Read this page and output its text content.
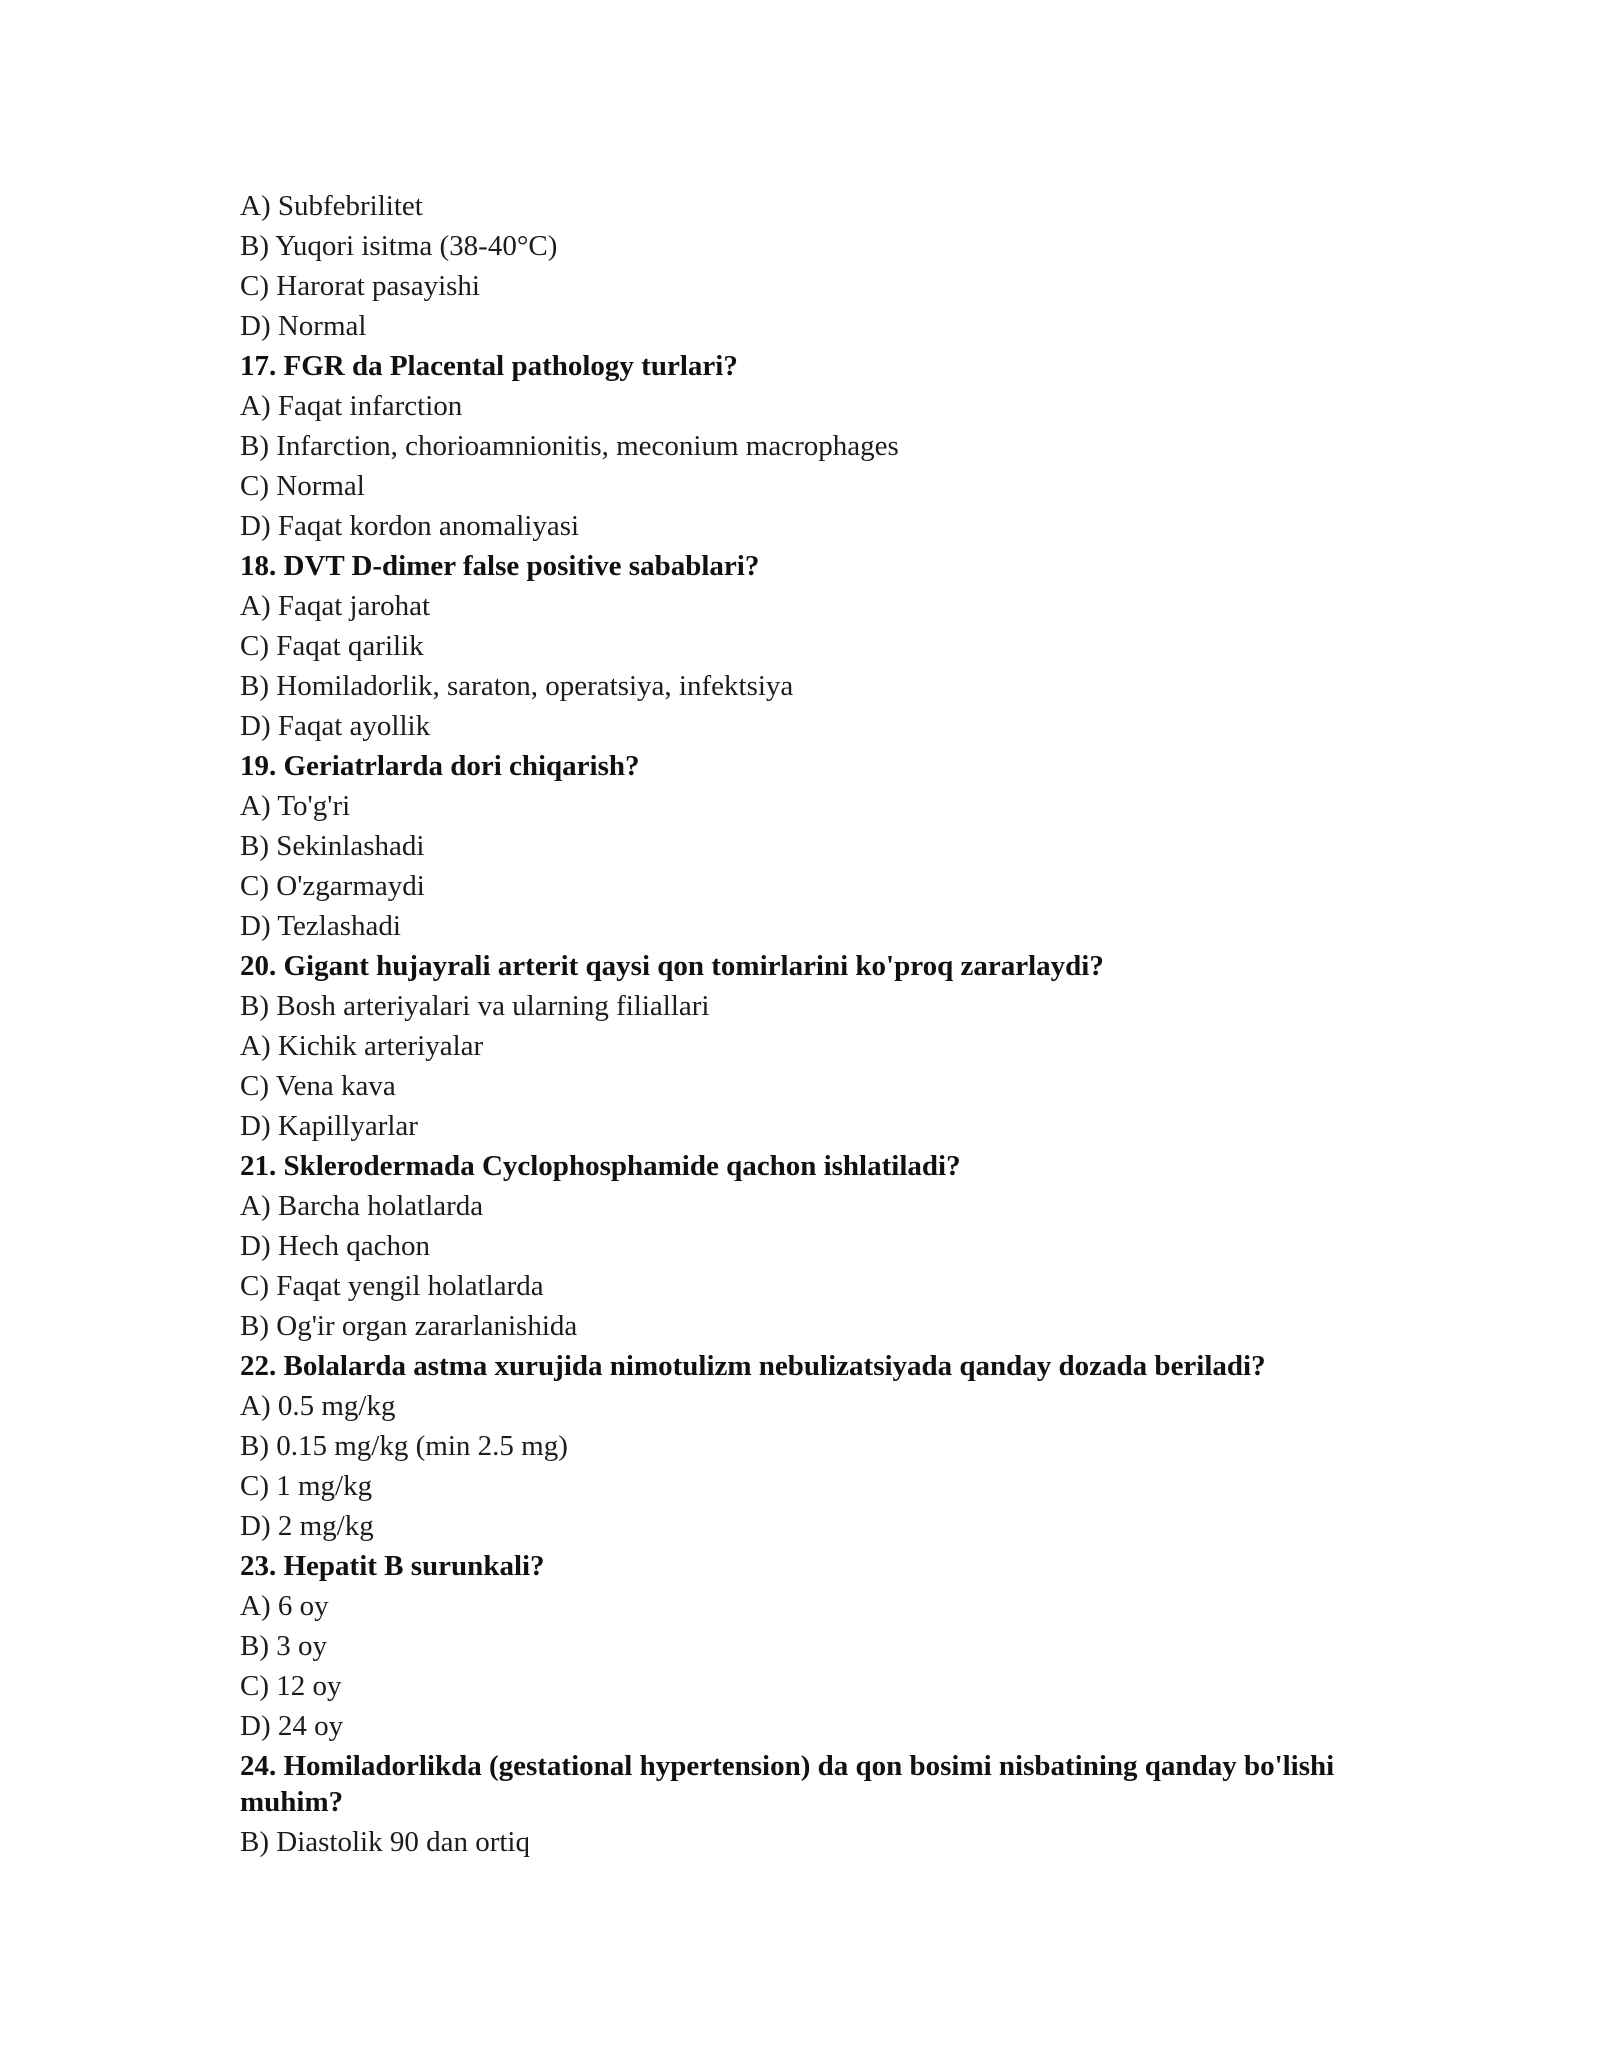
A) Subfebrilitet
B) Yuqori isitma (38-40°C)
C) Harorat pasayishi
D) Normal
17. FGR da Placental pathology turlari?
A) Faqat infarction
B) Infarction, chorioamnionitis, meconium macrophages
C) Normal
D) Faqat kordon anomaliyasi
18. DVT D-dimer false positive sabablari?
A) Faqat jarohat
C) Faqat qarilik
B) Homiladorlik, saraton, operatsiya, infektsiya
D) Faqat ayollik
19. Geriatrlarda dori chiqarish?
A) To'g'ri
B) Sekinlashadi
C) O'zgarmaydi
D) Tezlashadi
20. Gigant hujayrali arterit qaysi qon tomirlarini ko'proq zararlaydi?
B) Bosh arteriyalari va ularning filiallari
A) Kichik arteriyalar
C) Vena kava
D) Kapillyarlar
21. Sklerodermada Cyclophosphamide qachon ishlatiladi?
A) Barcha holatlarda
D) Hech qachon
C) Faqat yengil holatlarda
B) Og'ir organ zararlanishida
22. Bolalarda astma xurujida nimotulizm nebulizatsiyada qanday dozada beriladi?
A) 0.5 mg/kg
B) 0.15 mg/kg (min 2.5 mg)
C) 1 mg/kg
D) 2 mg/kg
23. Hepatit B surunkali?
A) 6 oy
B) 3 oy
C) 12 oy
D) 24 oy
24. Homiladorlikda (gestational hypertension) da qon bosimi nisbatining qanday bo'lishi muhim?
B) Diastolik 90 dan ortiq
